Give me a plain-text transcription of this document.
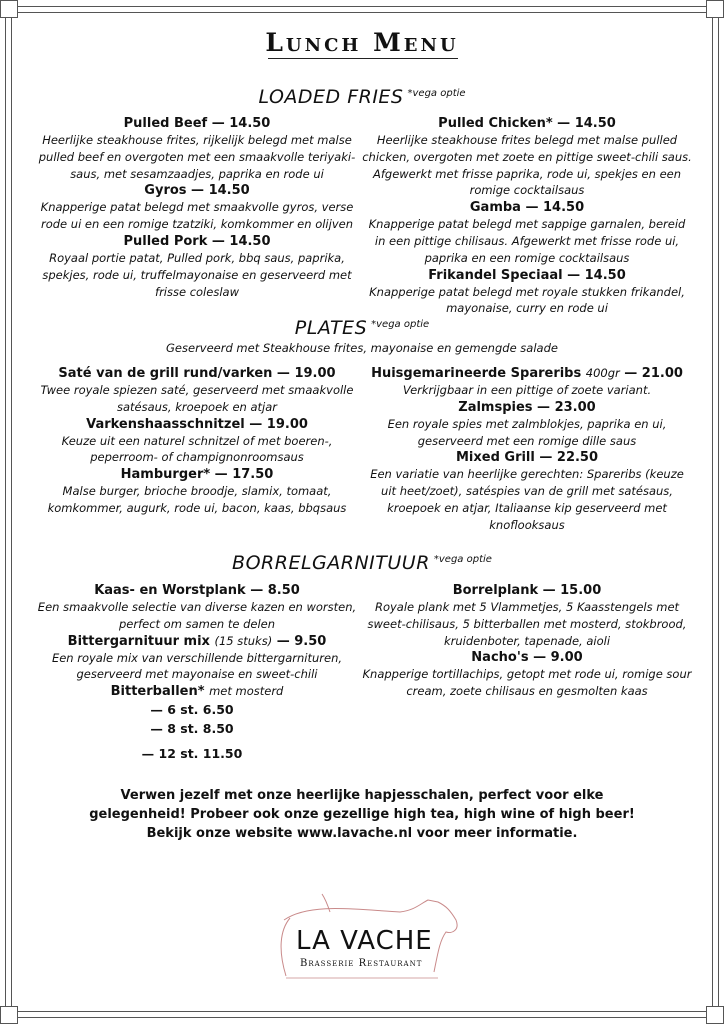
Lunch Menu
LOADED FRIES $^{*vega optie}$
Pulled Beef — 14.50
Heerlijke steakhouse frites, rijkelijk belegd met malse pulled beef en overgoten met een smaakvolle teriyaki-saus, met sesamzaadjes, paprika en rode ui
Gyros — 14.50
Knapperige patat belegd met smaakvolle gyros, verse rode ui en een romige tzatziki, komkommer en olijven
Pulled Pork — 14.50
Royaal portie patat, Pulled pork, bbq saus, paprika, spekjes, rode ui, truffelmayonaise en geserveerd met frisse coleslaw
Pulled Chicken* — 14.50
Heerlijke steakhouse frites belegd met malse pulled chicken, overgoten met zoete en pittige sweet-chili saus. Afgewerkt met frisse paprika, rode ui, spekjes en een romige cocktailsaus
Gamba — 14.50
Knapperige patat belegd met sappige garnalen, bereid in een pittige chilisaus. Afgewerkt met frisse rode ui, paprika en een romige cocktailsaus
Frikandel Speciaal — 14.50
Knapperige patat belegd met royale stukken frikandel, mayonaise, curry en rode ui
PLATES $^{*vega optie}$
Geserveerd met Steakhouse frites, mayonaise en gemengde salade
Saté van de grill rund/varken — 19.00
Twee royale spiezen saté, geserveerd met smaakvolle satésaus, kroepoek en atjar
Varkenshaasschnitzel — 19.00
Keuze uit een naturel schnitzel of met boeren-, peperroom- of champignonroomsaus
Hamburger* — 17.50
Malse burger, brioche broodje, slamix, tomaat, komkommer, augurk, rode ui, bacon, kaas, bbqsaus
Huisgemarineerde Spareribs 400gr — 21.00
Verkrijgbaar in een pittige of zoete variant.
Zalmspies — 23.00
Een royale spies met zalmblokjes, paprika en ui, geserveerd met een romige dille saus
Mixed Grill — 22.50
Een variatie van heerlijke gerechten: Spareribs (keuze uit heet/zoet), satéspies van de grill met satésaus, kroepoek en atjar, Italiaanse kip geserveerd met knoflooksaus
BORRELGARNITUUR $^{*vega optie}$
Kaas- en Worstplank — 8.50
Een smaakvolle selectie van diverse kazen en worsten, perfect om samen te delen
Bittergarnituur mix (15 stuks) — 9.50
Een royale mix van verschillende bittergarnituren, geserveerd met mayonaise en sweet-chili
Bitterballen* met mosterd
— 6 st. 6.50
— 8 st. 8.50
— 12 st. 11.50
Borrelplank — 15.00
Royale plank met 5 Vlammetjes, 5 Kaasstengels met sweet-chilisaus, 5 bitterballen met mosterd, stokbrood, kruidenboter, tapenade, aioli
Nacho's — 9.00
Knapperige tortillachips, getopt met rode ui, romige sour cream, zoete chilisaus en gesmolten kaas
Verwen jezelf met onze heerlijke hapjesschalen, perfect voor elke
gelegenheid! Probeer ook onze gezellige high tea, high wine of high beer!
Bekijk onze website www.lavache.nl voor meer informatie.
LA VACHE
Brasserie Restaurant
